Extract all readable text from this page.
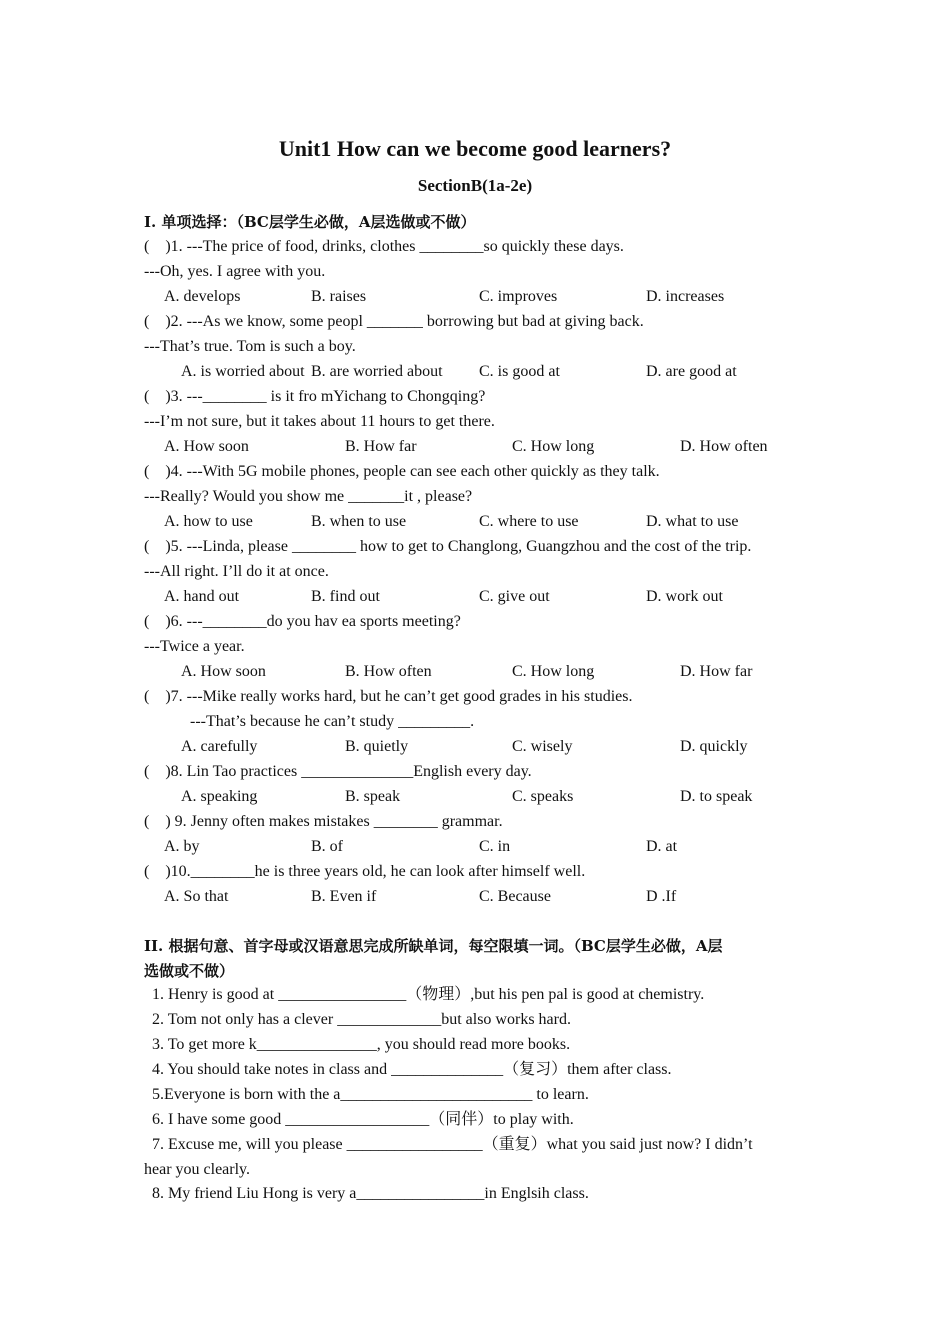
Unit1 How can we become good learners?
SectionB(1a-2e)
I. 单项选择：（BC层学生必做，A层选做或不做）
(    )1. ---The price of food, drinks, clothes ________so quickly these days.
---Oh, yes. I agree with you.
A. develops	B. raises	C. improves	D. increases
(    )2. ---As we know, some peopl _______ borrowing but bad at giving back.
---That’s true. Tom is such a boy.
A. is worried about B. are worried about C. is good at	D. are good at
(    )3. ---________ is it fro mYichang to Chongqing?
---I’m not sure, but it takes about 11 hours to get there.
A. How soon	B. How far	C. How long	D. How often
(    )4. ---With 5G mobile phones, people can see each other quickly as they talk.
---Really? Would you show me _______it , please?
A. how to use	B. when to use	C. where to use	D. what to use
(    )5. ---Linda, please ________ how to get to Changlong, Guangzhou and the cost of the trip.
---All right. I’ll do it at once.
A. hand out	B. find out	C. give out	D. work out
(    )6. ---________do you hav ea sports meeting?
---Twice a year.
A. How soon	B. How often	C. How long	D. How far
(    )7. ---Mike really works hard, but he can’t get good grades in his studies.
---That’s because he can’t study _________.
A. carefully	B. quietly	C. wisely	D. quickly
(    )8. Lin Tao practices ______________English every day.
A. speaking	B. speak	C. speaks	D. to speak
(    ) 9. Jenny often makes mistakes ________ grammar.
A. by	B. of	C. in	D. at
(    )10.________he is three years old, he can look after himself well.
A. So that	B. Even if	C. Because	D .If
II. 根据句意、首字母或汉语意思完成所缺单词，每空限填一词。（BC层学生必做，A层
选做或不做）
1. Henry is good at ________________（物理）,but his pen pal is good at chemistry.
2. Tom not only has a clever _____________but also works hard.
3. To get more k_______________, you should read more books.
4. You should take notes in class and ______________（复习）them after class.
5.Everyone is born with the a________________________ to learn.
6. I have some good __________________（同伴）to play with.
7. Excuse me, will you please _________________（重复）what you said just now? I didn’t
hear you clearly.
8. My friend Liu Hong is very a________________in Englsih class.
